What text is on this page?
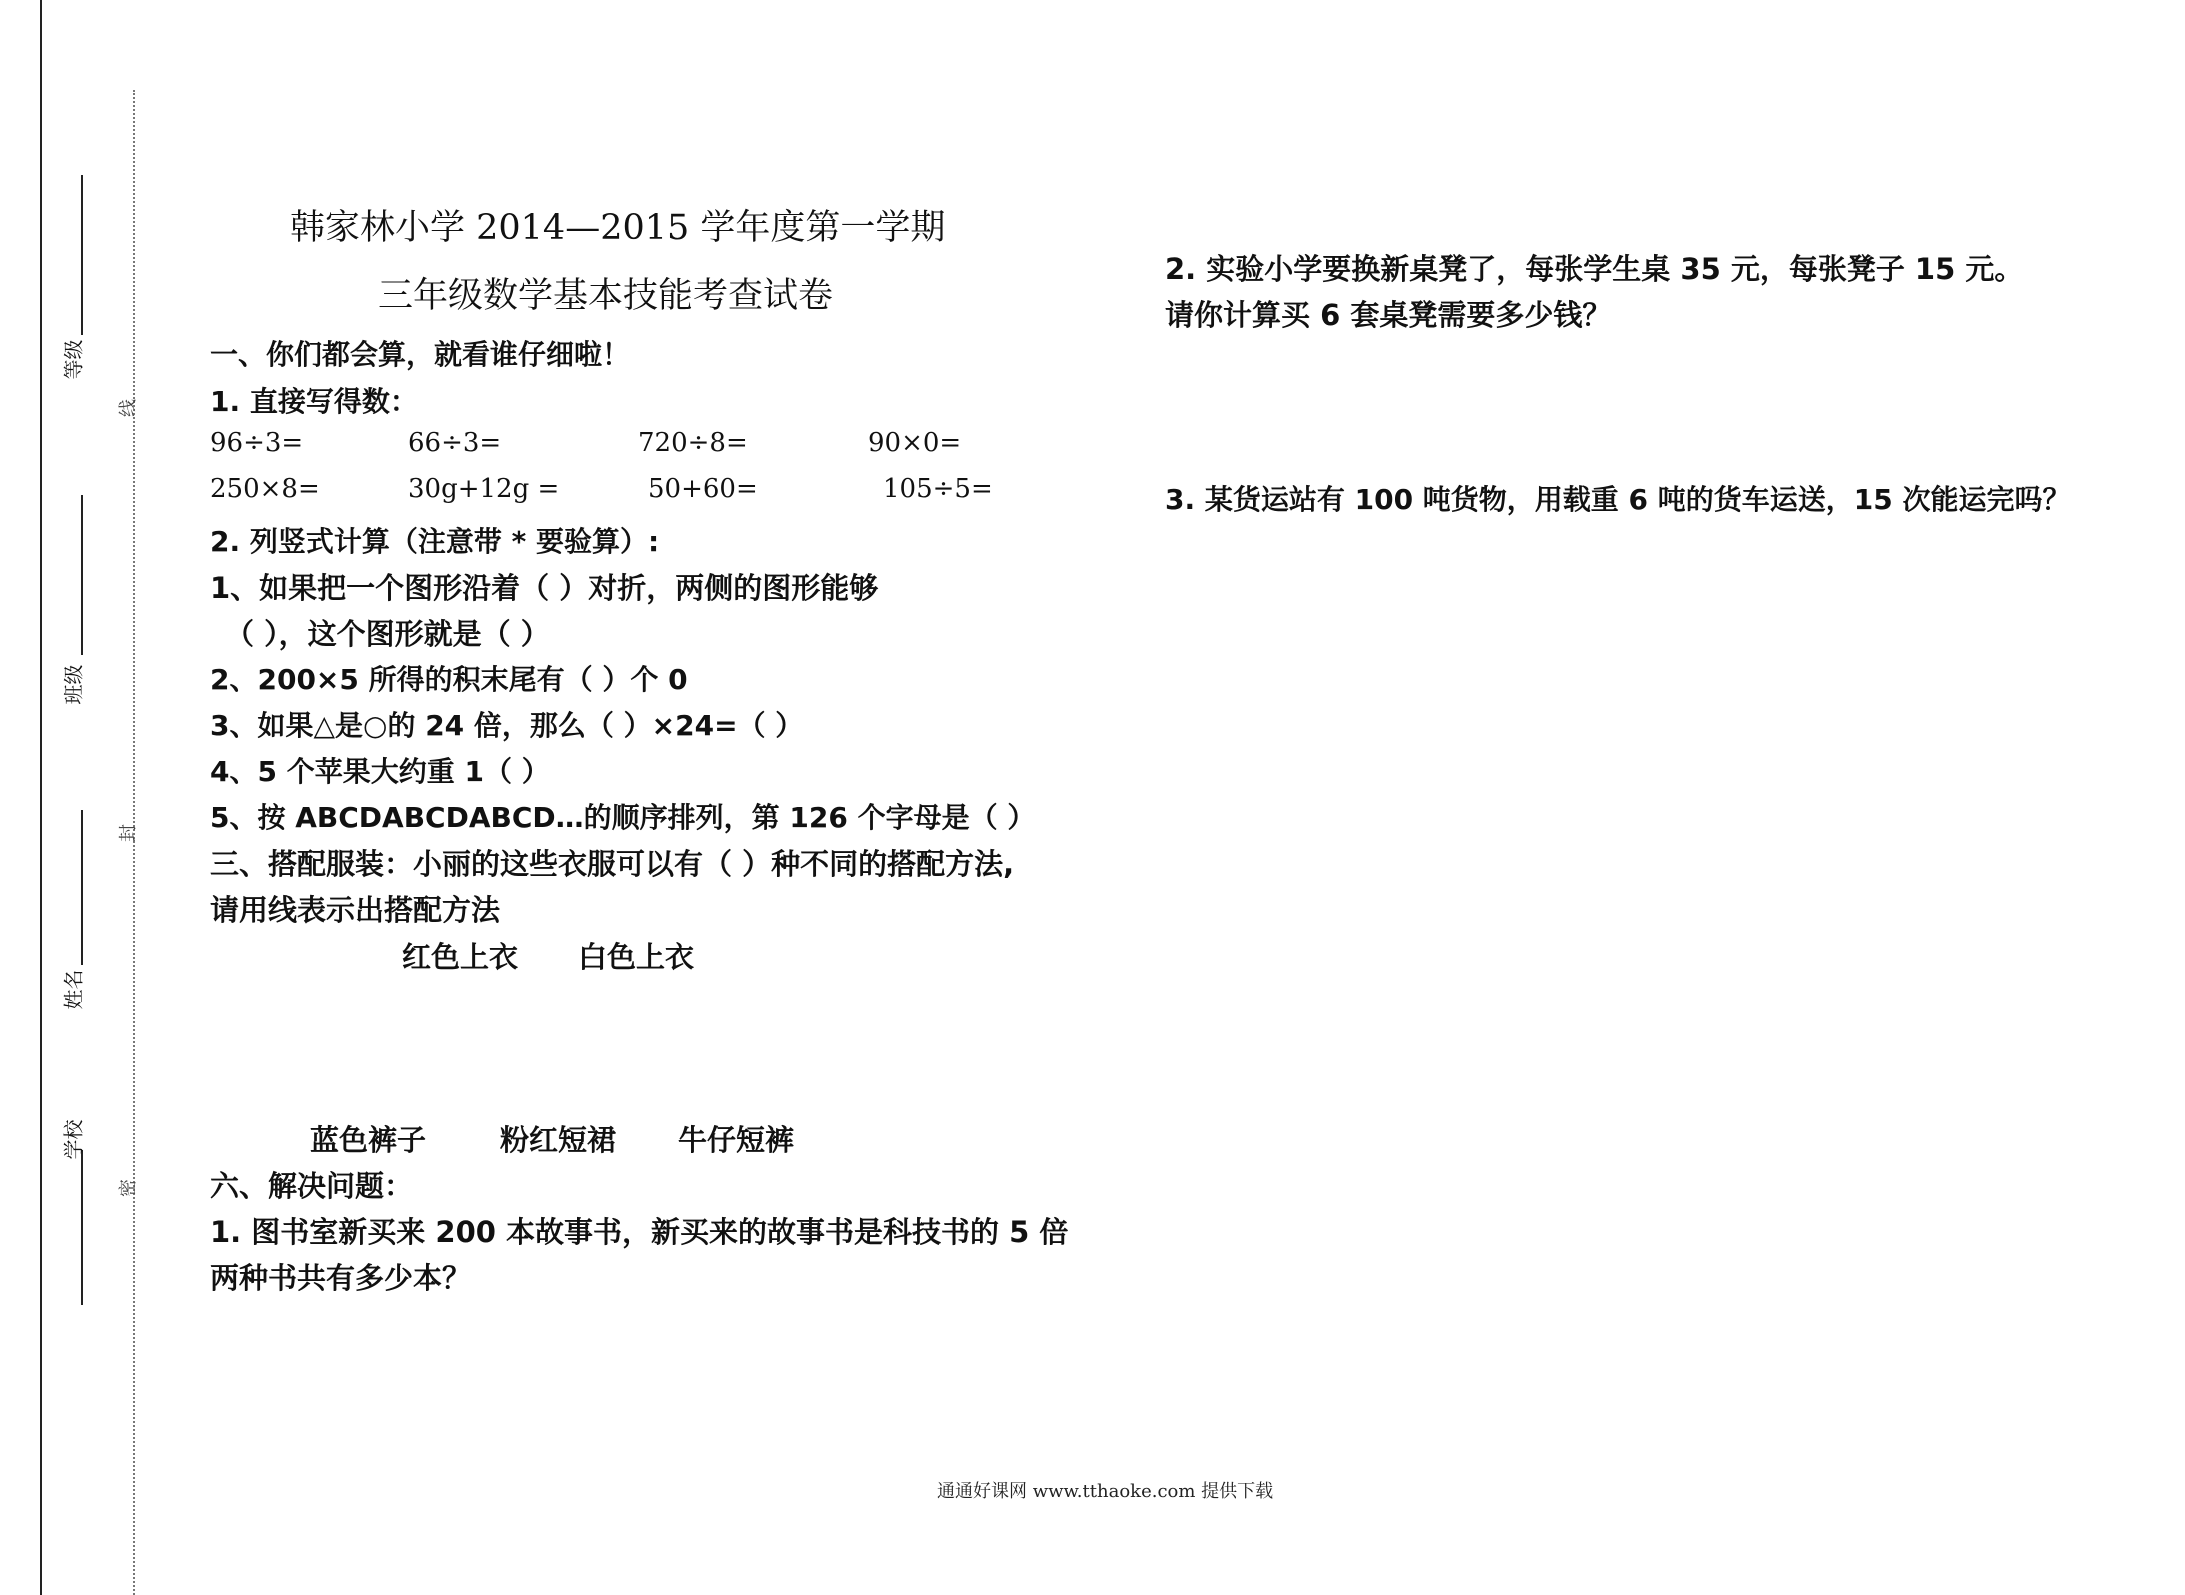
等级
班级
姓名
学校
线
封
密
韩家林小学 2014—2015 学年度第一学期
三年级数学基本技能考查试卷
一、你们都会算，就看谁仔细啦！
1. 直接写得数：
96÷3=	66÷3=	720÷8=	90×0=
250×8=	30g+12g =	50+60=	105÷5=
2. 列竖式计算（注意带 * 要验算）:
1、如果把一个图形沿着（ ）对折，两侧的图形能够
（ ），这个图形就是（ ）
2、200×5 所得的积末尾有（ ）个 0
3、如果△是○的 24 倍，那么（ ）×24=（ ）
4、5 个苹果大约重 1（ ）
5、按 ABCDABCDABCD…的顺序排列，第 126 个字母是（ ）
三、搭配服装：小丽的这些衣服可以有（ ）种不同的搭配方法,
请用线表示出搭配方法
红色上衣 白色上衣
蓝色裤子	粉红短裙 牛仔短裤
六、解决问题：
1. 图书室新买来 200 本故事书，新买来的故事书是科技书的 5 倍
两种书共有多少本？
2. 实验小学要换新桌凳了，每张学生桌 35 元，每张凳子 15 元。
请你计算买 6 套桌凳需要多少钱？
3. 某货运站有 100 吨货物，用载重 6 吨的货车运送，15 次能运完吗？
通通好课网 www.tthaoke.com 提供下载
